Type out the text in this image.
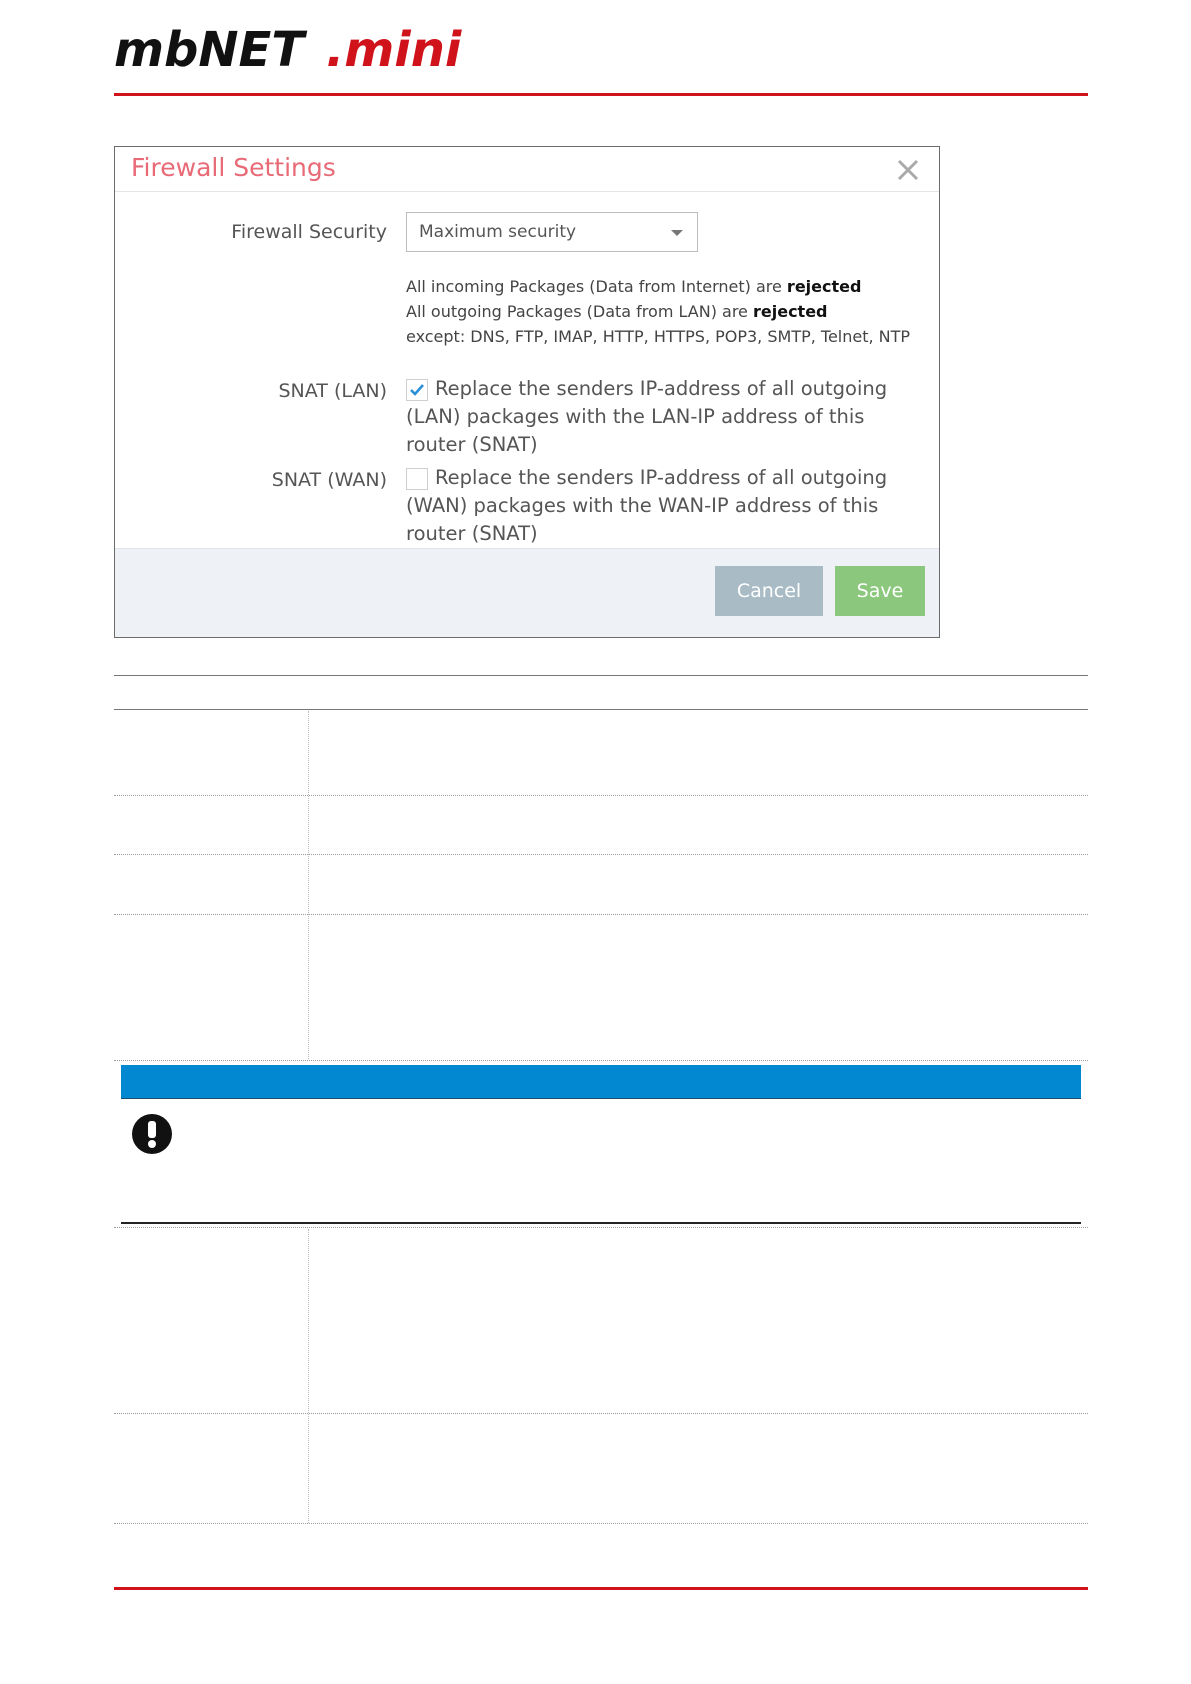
mbNET .mini
Firewall Settings
Firewall Security Maximum security
All incoming Packages (Data from Internet) are rejected
All outgoing Packages (Data from LAN) are rejected
except: DNS, FTP, IMAP, HTTP, HTTPS, POP3, SMTP, Telnet, NTP
SNAT (LAN)	Replace the senders IP-address of all outgoing (LAN) packages with the LAN-IP address of this router (SNAT)
SNAT (WAN)	Replace the senders IP-address of all outgoing (WAN) packages with the WAN-IP address of this router (SNAT)
Cancel	Save
